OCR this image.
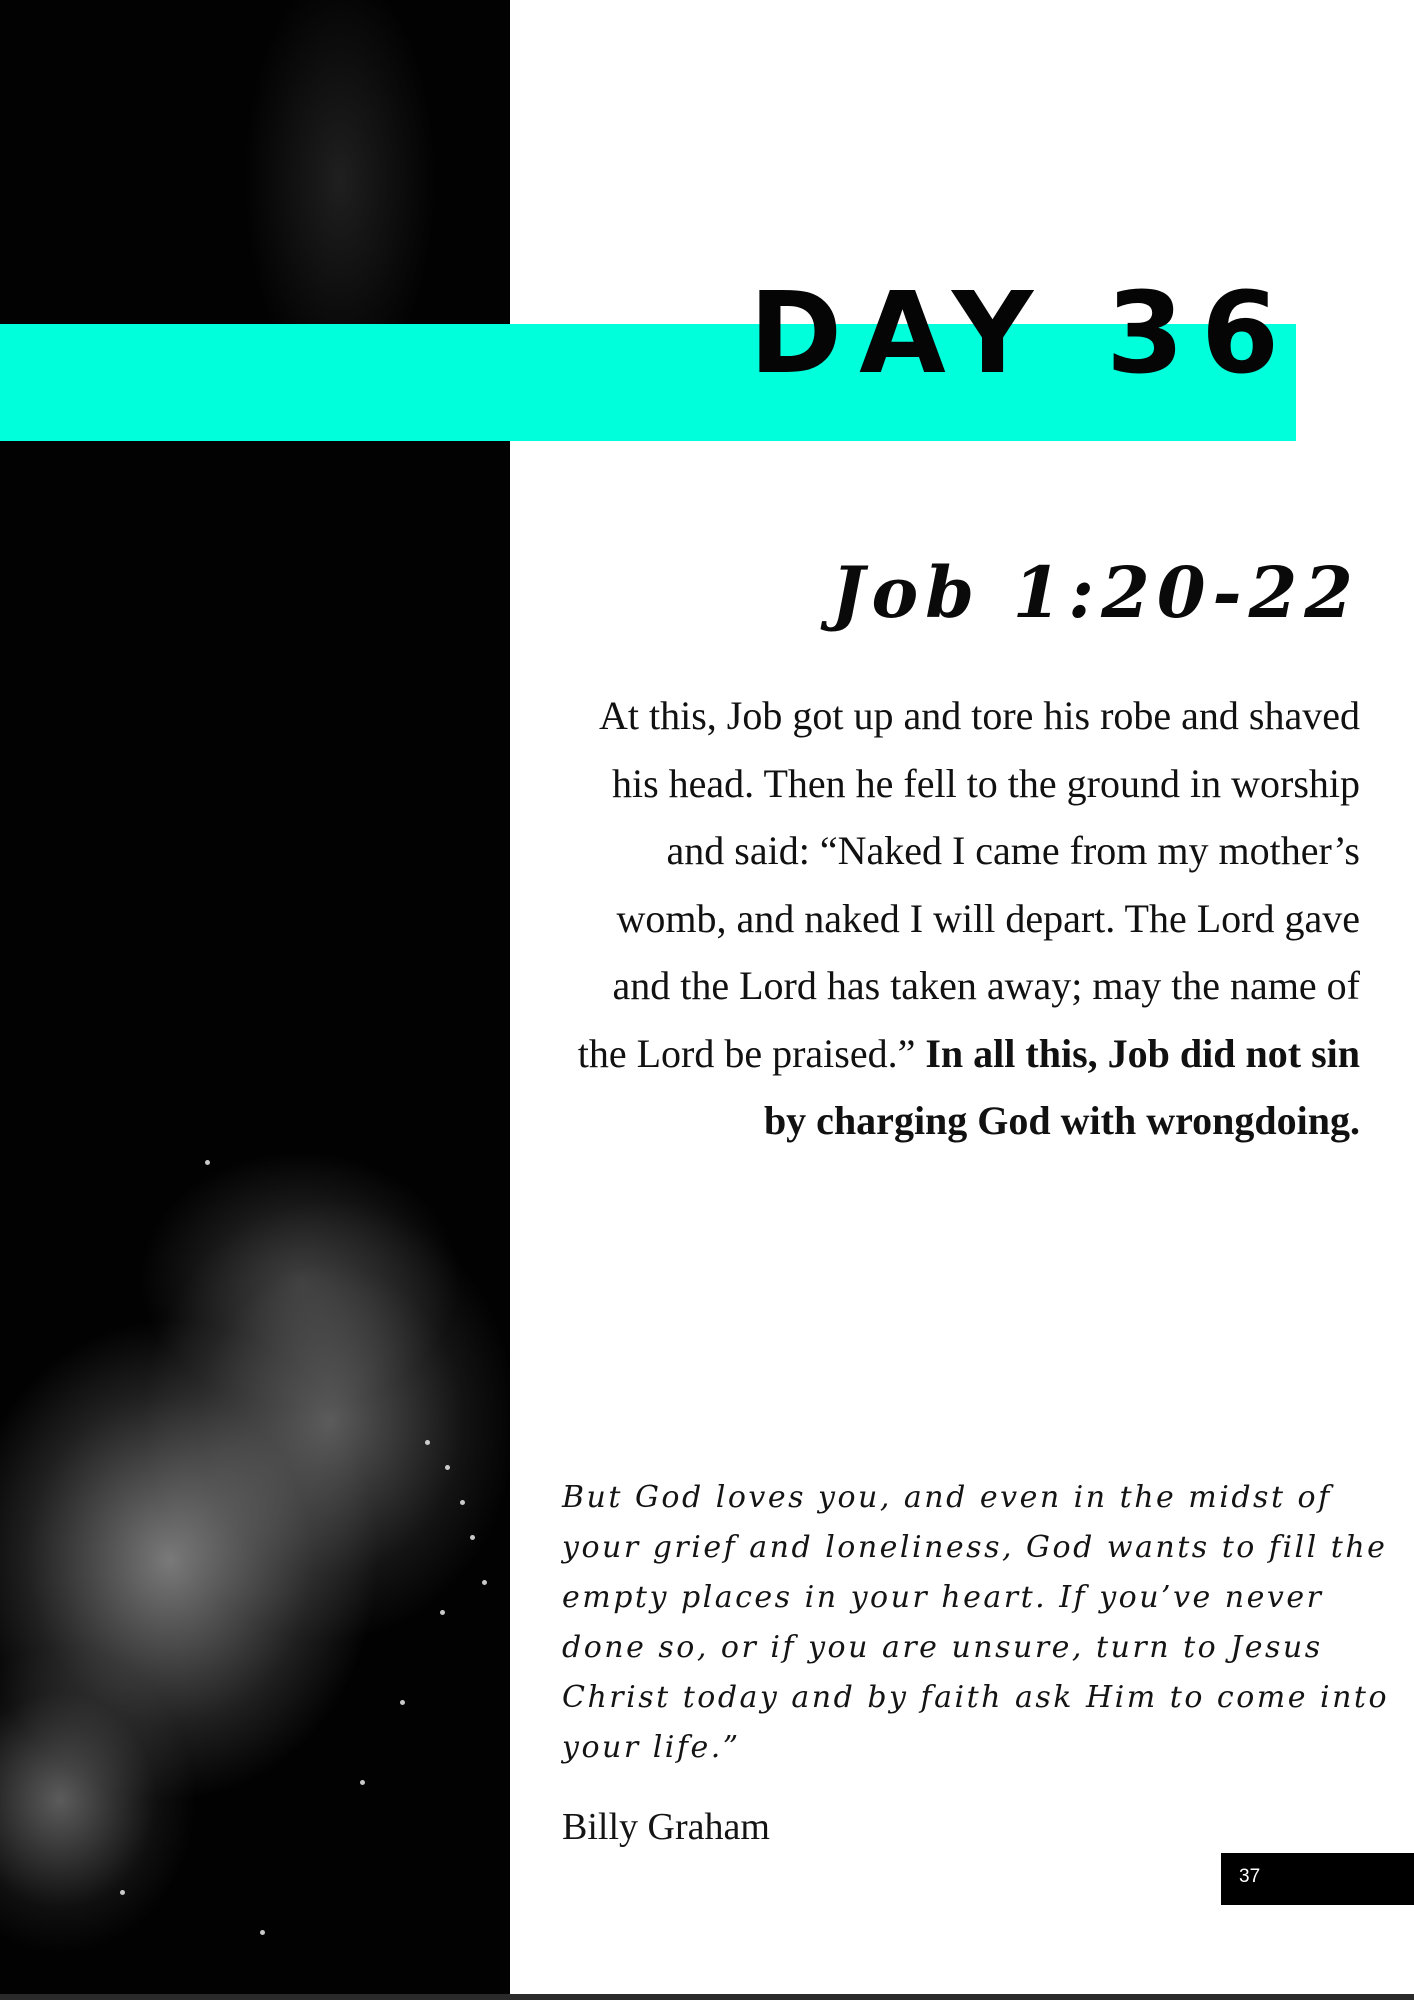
DAY 36
Job 1:20-22

At this, Job got up and tore his robe and shaved his head. Then he fell to the ground in worship and said: “Naked I came from my mother’s womb, and naked I will depart. The Lord gave and the Lord has taken away; may the name of the Lord be praised.” In all this, Job did not sin by charging God with wrongdoing.

But God loves you, and even in the midst of your grief and loneliness, God wants to fill the empty places in your heart. If you’ve never done so, or if you are unsure, turn to Jesus Christ today and by faith ask Him to come into your life.”

Billy Graham

37
